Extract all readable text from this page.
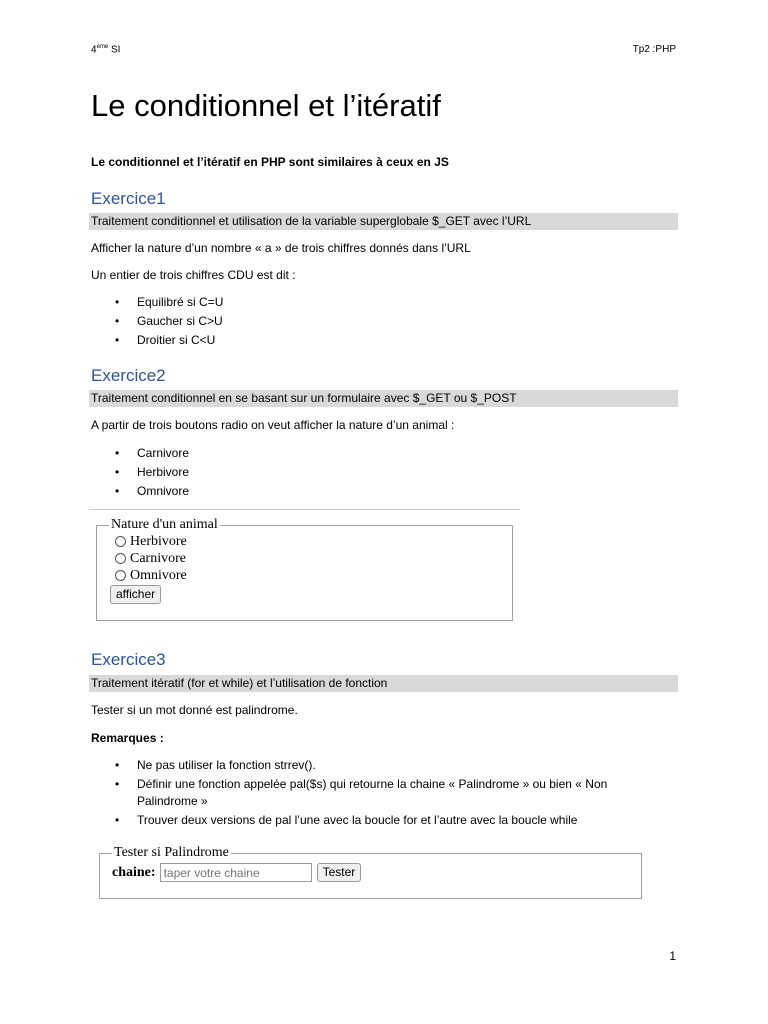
4ème SI	Tp2 :PHP
Le conditionnel et l’itératif
Le conditionnel et l’itératif en PHP sont similaires à ceux en JS
Exercice1
Traitement conditionnel et utilisation de la variable superglobale $_GET avec l’URL
Afficher la nature d’un nombre « a » de trois chiffres donnés dans l’URL
Un entier de trois chiffres CDU est dit :
• Equilibré si C=U
• Gaucher si C>U
• Droitier si C<U
Exercice2
Traitement conditionnel en se basant sur un formulaire avec $_GET ou $_POST
A partir de trois boutons radio on veut afficher la nature d’un animal :
• Carnivore
• Herbivore
• Omnivore
Nature d'un animal
Herbivore
Carnivore
Omnivore
afficher
Exercice3
Traitement itératif (for et while) et l’utilisation de fonction
Tester si un mot donné est palindrome.
Remarques :
• Ne pas utiliser la fonction strrev().
• Définir une fonction appelée pal($s) qui retourne la chaine « Palindrome » ou bien « Non Palindrome »
• Trouver deux versions de pal l’une avec la boucle for et l’autre avec la boucle while
Tester si Palindrome
chaine:
taper votre chaine	Tester
1
